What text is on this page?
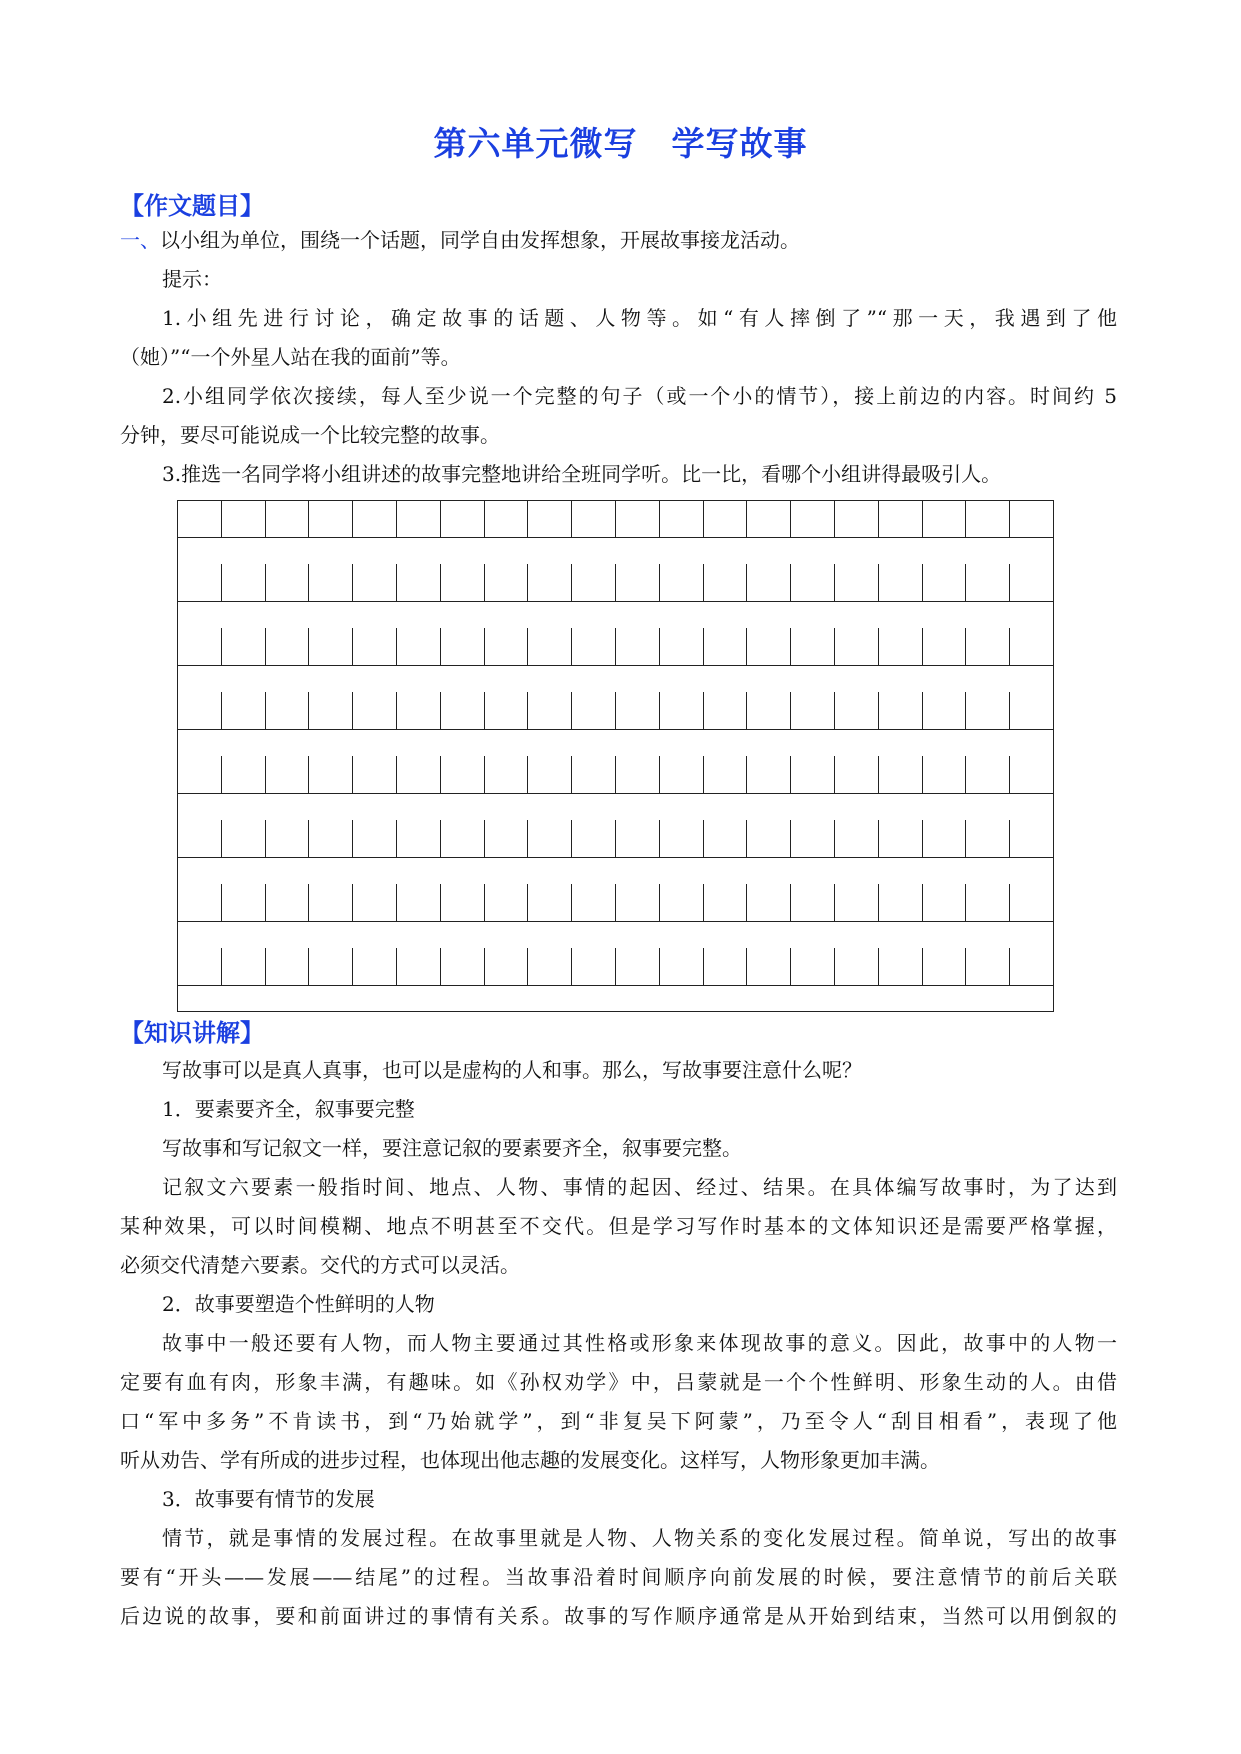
第六单元微写　学写故事
【作文题目】
一、以小组为单位，围绕一个话题，同学自由发挥想象，开展故事接龙活动。
提示：
1.小组先进行讨论，确定故事的话题、人物等。如“有人摔倒了”“那一天，我遇到了他
（她）”“一个外星人站在我的面前”等。
2.小组同学依次接续，每人至少说一个完整的句子（或一个小的情节），接上前边的内容。时间约 5
分钟，要尽可能说成一个比较完整的故事。
3.推选一名同学将小组讲述的故事完整地讲给全班同学听。比一比，看哪个小组讲得最吸引人。
【知识讲解】
写故事可以是真人真事，也可以是虚构的人和事。那么，写故事要注意什么呢？
1．要素要齐全，叙事要完整
写故事和写记叙文一样，要注意记叙的要素要齐全，叙事要完整。
记叙文六要素一般指时间、地点、人物、事情的起因、经过、结果。在具体编写故事时，为了达到
某种效果，可以时间模糊、地点不明甚至不交代。但是学习写作时基本的文体知识还是需要严格掌握，
必须交代清楚六要素。交代的方式可以灵活。
2．故事要塑造个性鲜明的人物
故事中一般还要有人物，而人物主要通过其性格或形象来体现故事的意义。因此，故事中的人物一
定要有血有肉，形象丰满，有趣味。如《孙权劝学》中，吕蒙就是一个个性鲜明、形象生动的人。由借
口“军中多务”不肯读书，到“乃始就学”，到“非复吴下阿蒙”，乃至令人“刮目相看”，表现了他
听从劝告、学有所成的进步过程，也体现出他志趣的发展变化。这样写，人物形象更加丰满。
3．故事要有情节的发展
情节，就是事情的发展过程。在故事里就是人物、人物关系的变化发展过程。简单说，写出的故事
要有“开头——发展——结尾”的过程。当故事沿着时间顺序向前发展的时候，要注意情节的前后关联
后边说的故事，要和前面讲过的事情有关系。故事的写作顺序通常是从开始到结束，当然可以用倒叙的
